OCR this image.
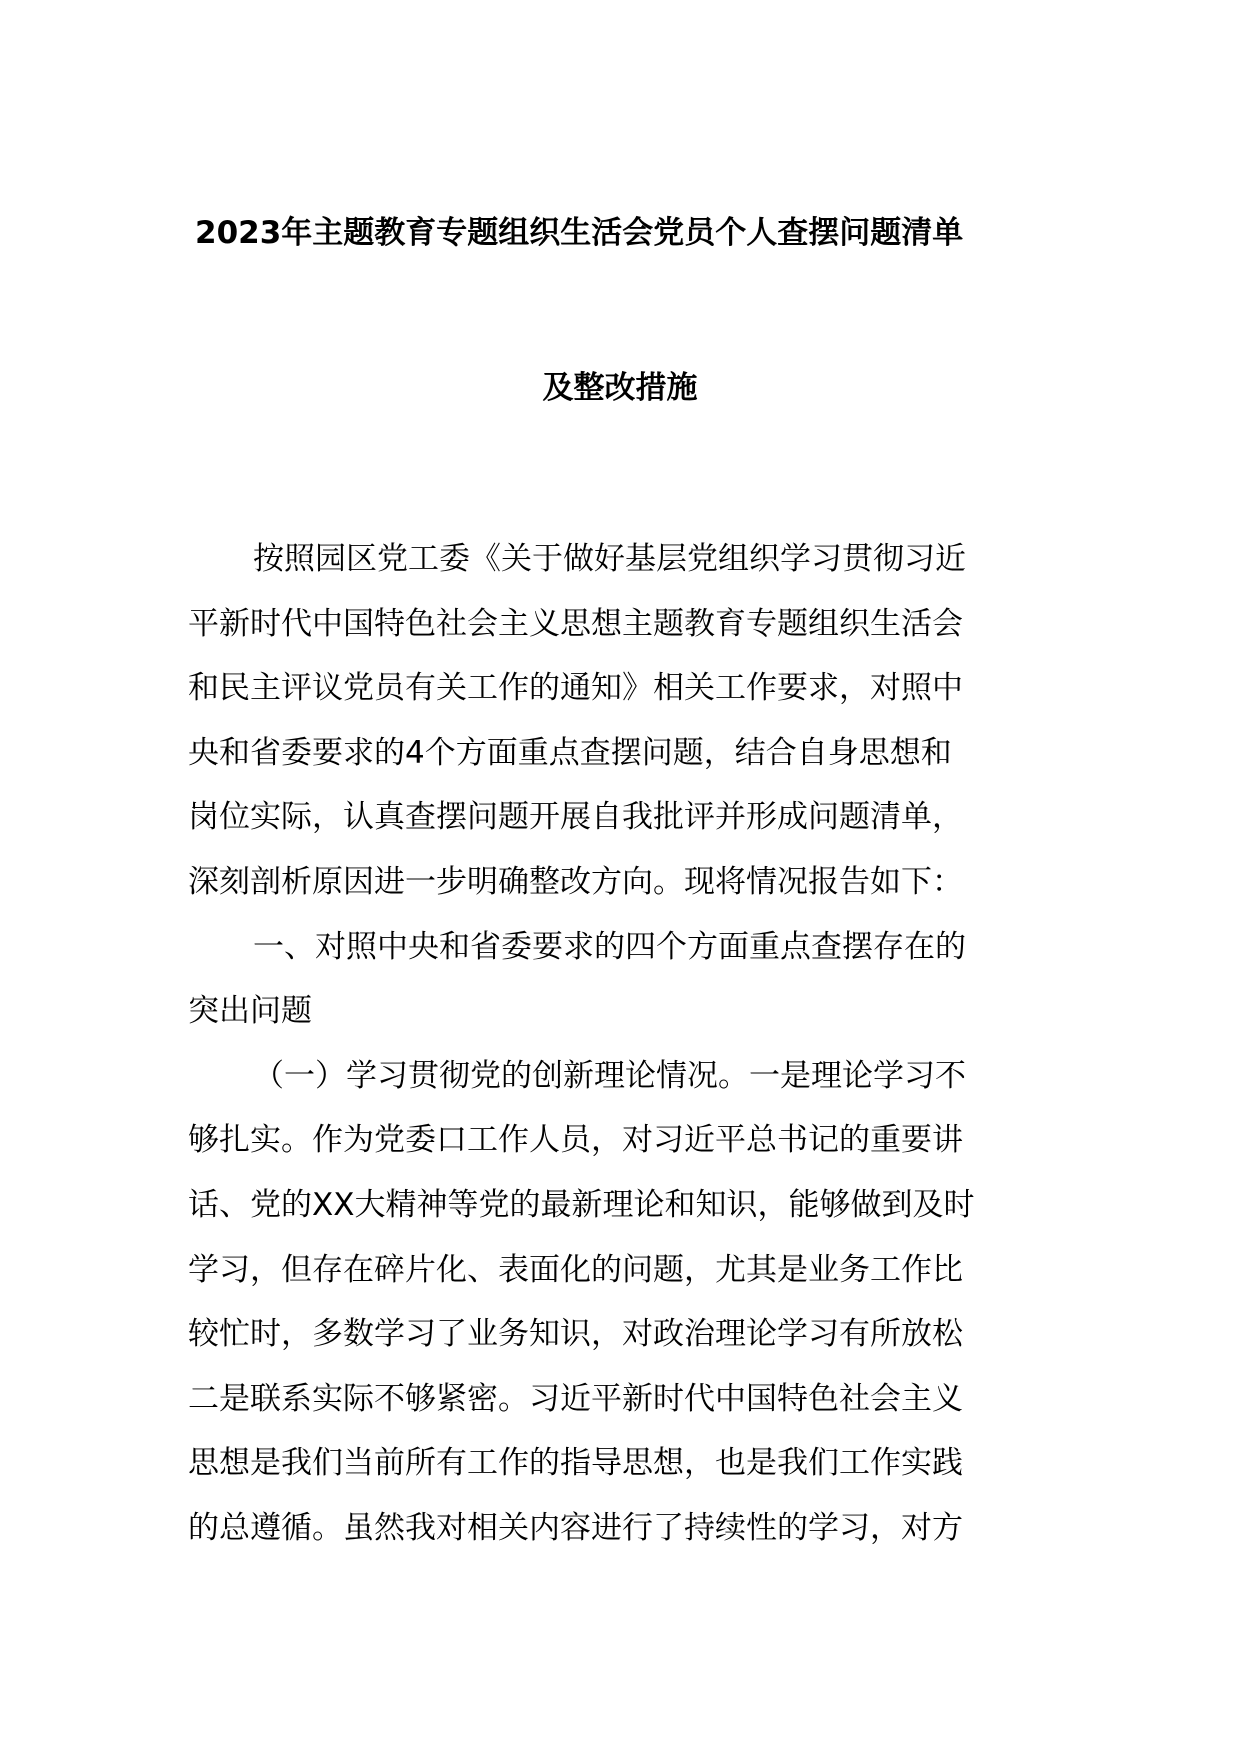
2023年主题教育专题组织生活会党员个人查摆问题清单
及整改措施
按照园区党工委《关于做好基层党组织学习贯彻习近
平新时代中国特色社会主义思想主题教育专题组织生活会
和民主评议党员有关工作的通知》相关工作要求，对照中
央和省委要求的4个方面重点查摆问题，结合自身思想和
岗位实际，认真查摆问题开展自我批评并形成问题清单，
深刻剖析原因进一步明确整改方向。现将情况报告如下：
一、对照中央和省委要求的四个方面重点查摆存在的
突出问题
（一）学习贯彻党的创新理论情况。一是理论学习不
够扎实。作为党委口工作人员，对习近平总书记的重要讲
话、党的XX大精神等党的最新理论和知识，能够做到及时
学习，但存在碎片化、表面化的问题，尤其是业务工作比
较忙时，多数学习了业务知识，对政治理论学习有所放松
二是联系实际不够紧密。习近平新时代中国特色社会主义
思想是我们当前所有工作的指导思想，也是我们工作实践
的总遵循。虽然我对相关内容进行了持续性的学习，对方
